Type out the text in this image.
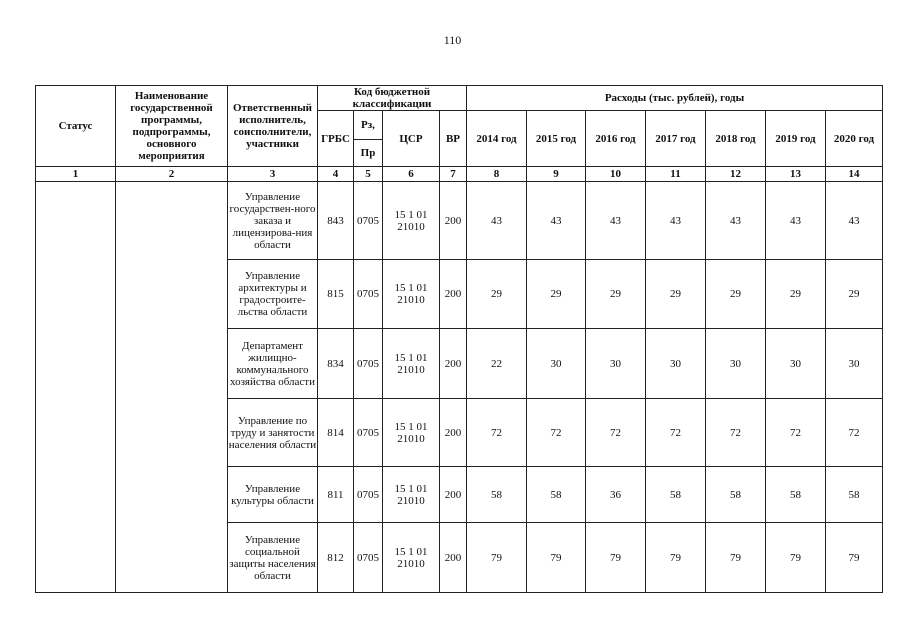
110
Статус	Наименование государственной программы, подпрограммы, основного мероприятия	Ответственный исполнитель, соисполнители, участники	Код бюджетной классификации				Расходы (тыс. рублей), годы						
			ГРБС	Рз,	ЦСР	ВР	2014 год	2015 год	2016 год	2017 год	2018 год	2019 год	2020 год
				Пр									
1	2	3	4	5	6	7	8	9	10	11	12	13	14
		Управление государствен-ного заказа и лицензирова-ния области	843	0705	15 1 01 21010	200	43	43	43	43	43	43	43
		Управление архитектуры и градостроите-льства области	815	0705	15 1 01 21010	200	29	29	29	29	29	29	29
		Департамент жилищно-коммунального хозяйства области	834	0705	15 1 01 21010	200	22	30	30	30	30	30	30
		Управление по труду и занятости населения области	814	0705	15 1 01 21010	200	72	72	72	72	72	72	72
		Управление культуры области	811	0705	15 1 01 21010	200	58	58	36	58	58	58	58
		Управление социальной защиты населения области	812	0705	15 1 01 21010	200	79	79	79	79	79	79	79
